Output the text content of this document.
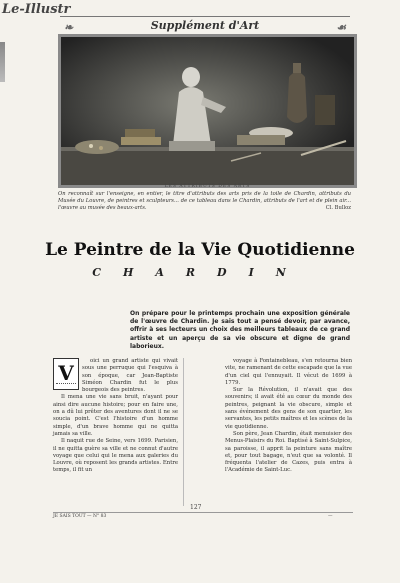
Le-Illustr
❧	Supplément d'Art	☙
LES ATTRIBUTS DES ARTS
On reconnaît sur l'enseigne, en entier, le titre d'attributs des arts pris de la toile de Chardin, attributs du Musée du Louvre, de peintres et sculpteurs... de ce tableau dans le Chardin, attributs de l'art et de plein air... l'œuvre au musée des beaux-arts.	Cl. Bulloz
Le Peintre de la Vie Quotidienne
CHARDIN
On prépare pour le printemps prochain une exposition générale de l'œuvre de Chardin. Je sais tout a pensé devoir, par avance, offrir à ses lecteurs un choix des meilleurs tableaux de ce grand artiste et un aperçu de sa vie obscure et digne de grand laborieux.
V	oici un grand artiste qui vivait sous une perruque qui l'esquiva à son époque, car Jean-Baptiste Siméon Chardin fut le plus bourgeois des peintres.

Il mena une vie sans bruit, n'ayant pour ainsi dire aucune histoire; pour en faire une, on a dû lui prêter des aventures dont il ne se soucia point. C'est l'histoire d'un homme simple, d'un brave homme qui ne quitta jamais sa ville.

Il naquit rue de Seine, vers 1699. Parisien, il ne quitta guère sa ville et ne connut d'autre voyage que celui qui le mena aux galeries du Louvre, où reposent les grands artistes. Entre temps, il fit un

voyage à Fontainebleau, s'en retourna bien vite, ne ramenant de cette escapade que la vue d'un ciel qui l'ennuyait. Il vécut de 1699 à 1779.

Sur la Révolution, il n'avait que des souvenirs; il avait été au cœur du monde des peintres, peignant la vie obscure, simple et sans événement des gens de son quartier, les servantes, les petits maîtres et les scènes de la vie quotidienne.

Son père, Jean Chardin, était menuisier des Menus-Plaisirs du Roi. Baptisé à Saint-Sulpice, sa paroisse, il apprit la peinture sans maître et, pour tout bagage, n'eut que sa volonté. Il fréquenta l'atelier de Cazes, puis entra à l'Académie de Saint-Luc.

JE SAIS TOUT — N° 83
127
—
